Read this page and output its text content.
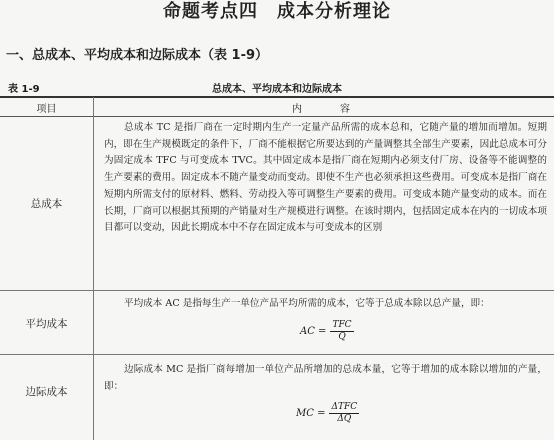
命题考点四　成本分析理论
一、总成本、平均成本和边际成本（表 1-9）
表 1-9	总成本、平均成本和边际成本
项目	内　　容
总成本
总成本 TC 是指厂商在一定时期内生产一定量产品所需的成本总和，它随产量的增加而增加。短期内，即在生产规模既定的条件下，厂商不能根据它所要达到的产量调整其全部生产要素，因此总成本可分为固定成本 TFC 与可变成本 TVC。其中固定成本是指厂商在短期内必须支付厂房、设备等不能调整的生产要素的费用。固定成本不随产量变动而变动。即使不生产也必须承担这些费用。可变成本是指厂商在短期内所需支付的原材料、燃料、劳动投入等可调整生产要素的费用。可变成本随产量变动的成本。而在长期，厂商可以根据其预期的产销量对生产规模进行调整。在该时期内，包括固定成本在内的一切成本项目都可以变动，因此长期成本中不存在固定成本与可变成本的区别
平均成本
平均成本 AC 是指每生产一单位产品平均所需的成本，它等于总成本除以总产量，即：
AC = $\frac{\text{TFC}}{Q}$
边际成本
边际成本 MC 是指厂商每增加一单位产品所增加的总成本量，它等于增加的成本除以增加的产量，即：
MC = $\frac{\text{ΔTFC}}{\Delta Q}$
